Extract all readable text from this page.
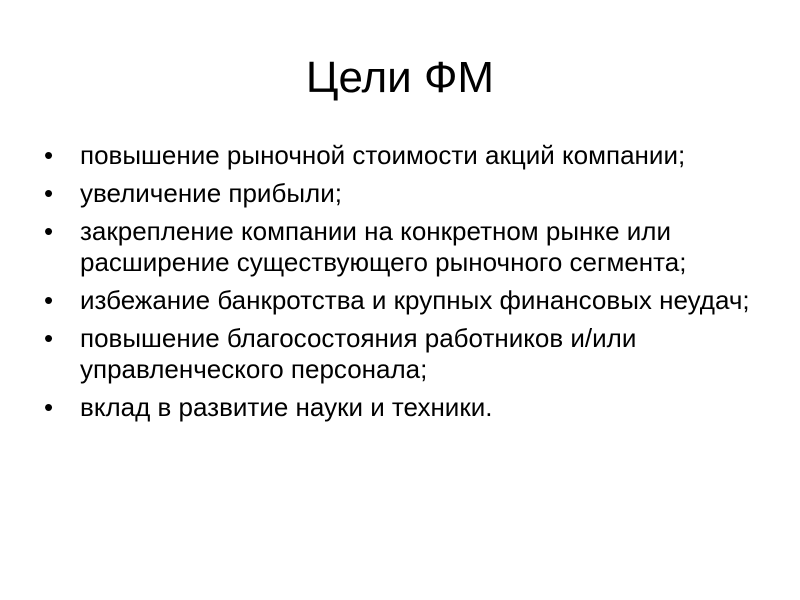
Цели ФМ
•	повышение рыночной стоимости акций компании;
•	увеличение прибыли;
•	закрепление компании на конкретном рынке или расширение существующего рыночного сегмента;
•	избежание банкротства и крупных финансовых неудач;
•	повышение благосостояния работников и/или управленческого персонала;
•	вклад в развитие науки и техники.
